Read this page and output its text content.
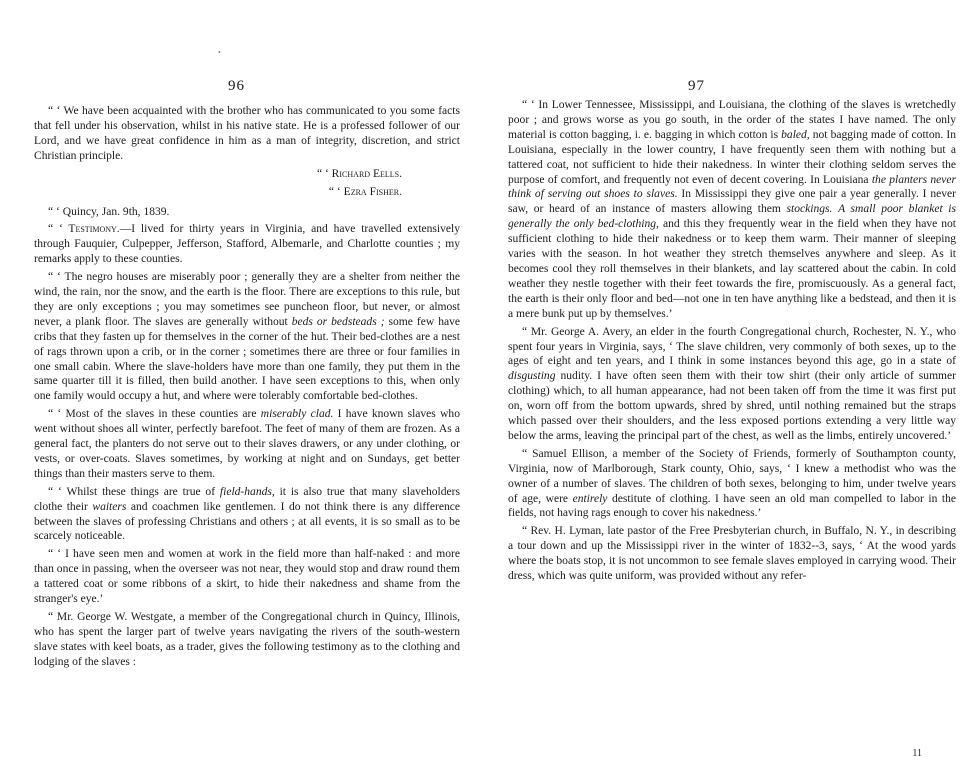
•
96

“ ‘ We have been acquainted with the brother who has communicated to you some facts that fell under his observation, whilst in his native state. He is a professed follower of our Lord, and we have great confidence in him as a man of integrity, discretion, and strict Christian principle.

“ ‘ Richard Eells.

“ ‘ Ezra Fisher.

“ ‘ Quincy, Jan. 9th, 1839.

“ ‘ Testimony.—I lived for thirty years in Virginia, and have travelled extensively through Fauquier, Culpepper, Jefferson, Stafford, Albemarle, and Charlotte counties ; my remarks apply to these counties.

“ ‘ The negro houses are miserably poor ; generally they are a shelter from neither the wind, the rain, nor the snow, and the earth is the floor. There are exceptions to this rule, but they are only exceptions ; you may sometimes see puncheon floor, but never, or almost never, a plank floor. The slaves are generally without beds or bedsteads ; some few have cribs that they fasten up for themselves in the corner of the hut. Their bed-clothes are a nest of rags thrown upon a crib, or in the corner ; sometimes there are three or four families in one small cabin. Where the slave-holders have more than one family, they put them in the same quarter till it is filled, then build another. I have seen exceptions to this, when only one family would occupy a hut, and where were tolerably comfortable bed-clothes.

“ ‘ Most of the slaves in these counties are miserably clad. I have known slaves who went without shoes all winter, perfectly barefoot. The feet of many of them are frozen. As a general fact, the planters do not serve out to their slaves drawers, or any under clothing, or vests, or over-coats. Slaves sometimes, by working at night and on Sundays, get better things than their masters serve to them.

“ ‘ Whilst these things are true of field-hands, it is also true that many slaveholders clothe their waiters and coachmen like gentlemen. I do not think there is any difference between the slaves of professing Christians and others ; at all events, it is so small as to be scarcely noticeable.

“ ‘ I have seen men and women at work in the field more than half-naked : and more than once in passing, when the overseer was not near, they would stop and draw round them a tattered coat or some ribbons of a skirt, to hide their nakedness and shame from the stranger's eye.’

“ Mr. George W. Westgate, a member of the Congregational church in Quincy, Illinois, who has spent the larger part of twelve years navigating the rivers of the south-western slave states with keel boats, as a trader, gives the following testimony as to the clothing and lodging of the slaves :

97

“ ‘ In Lower Tennessee, Mississippi, and Louisiana, the clothing of the slaves is wretchedly poor ; and grows worse as you go south, in the order of the states I have named. The only material is cotton bagging, i. e. bagging in which cotton is baled, not bagging made of cotton. In Louisiana, especially in the lower country, I have frequently seen them with nothing but a tattered coat, not sufficient to hide their nakedness. In winter their clothing seldom serves the purpose of comfort, and frequently not even of decent covering. In Louisiana the planters never think of serving out shoes to slaves. In Mississippi they give one pair a year generally. I never saw, or heard of an instance of masters allowing them stockings. A small poor blanket is generally the only bed-clothing, and this they frequently wear in the field when they have not sufficient clothing to hide their nakedness or to keep them warm. Their manner of sleeping varies with the season. In hot weather they stretch themselves anywhere and sleep. As it becomes cool they roll themselves in their blankets, and lay scattered about the cabin. In cold weather they nestle together with their feet towards the fire, promiscuously. As a general fact, the earth is their only floor and bed—not one in ten have anything like a bedstead, and then it is a mere bunk put up by themselves.’

“ Mr. George A. Avery, an elder in the fourth Congregational church, Rochester, N. Y., who spent four years in Virginia, says, ‘ The slave children, very commonly of both sexes, up to the ages of eight and ten years, and I think in some instances beyond this age, go in a state of disgusting nudity. I have often seen them with their tow shirt (their only article of summer clothing) which, to all human appearance, had not been taken off from the time it was first put on, worn off from the bottom upwards, shred by shred, until nothing remained but the straps which passed over their shoulders, and the less exposed portions extending a very little way below the arms, leaving the principal part of the chest, as well as the limbs, entirely uncovered.’

“ Samuel Ellison, a member of the Society of Friends, formerly of Southampton county, Virginia, now of Marlborough, Stark county, Ohio, says, ‘ I knew a methodist who was the owner of a number of slaves. The children of both sexes, belonging to him, under twelve years of age, were entirely destitute of clothing. I have seen an old man compelled to labor in the fields, not having rags enough to cover his nakedness.’

“ Rev. H. Lyman, late pastor of the Free Presbyterian church, in Buffalo, N. Y., in describing a tour down and up the Mississippi river in the winter of 1832--3, says, ‘ At the wood yards where the boats stop, it is not uncommon to see female slaves employed in carrying wood. Their dress, which was quite uniform, was provided without any refer-

11
